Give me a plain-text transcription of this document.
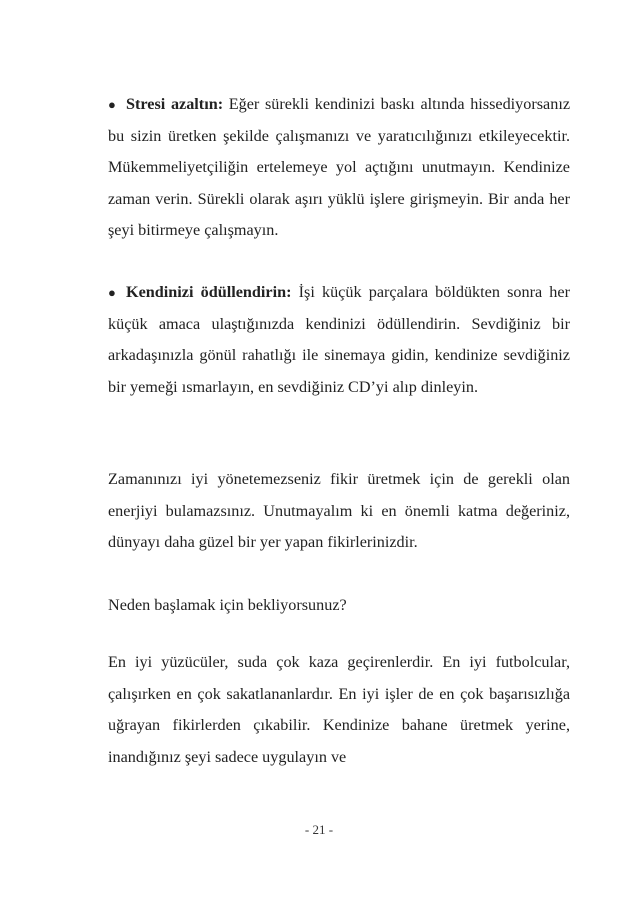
● Stresi azaltın: Eğer sürekli kendinizi baskı altında hissediyorsanız bu sizin üretken şekilde çalışmanızı ve yaratıcılığınızı etkileyecektir. Mükemmeliyetçiliğin ertelemeye yol açtığını unutmayın. Kendinize zaman verin. Sürekli olarak aşırı yüklü işlere girişmeyin. Bir anda her şeyi bitirmeye çalışmayın.

● Kendinizi ödüllendirin: İşi küçük parçalara böldükten sonra her küçük amaca ulaştığınızda kendinizi ödüllendirin. Sevdiğiniz bir arkadaşınızla gönül rahatlığı ile sinemaya gidin, kendinize sevdiğiniz bir yemeği ısmarlayın, en sevdiğiniz CD’yi alıp dinleyin.

Zamanınızı iyi yönetemezseniz fikir üretmek için de gerekli olan enerjiyi bulamazsınız. Unutmayalım ki en önemli katma değeriniz, dünyayı daha güzel bir yer yapan fikirlerinizdir.

Neden başlamak için bekliyorsunuz?

En iyi yüzücüler, suda çok kaza geçirenlerdir. En iyi futbolcular, çalışırken en çok sakatlananlardır. En iyi işler de en çok başarısızlığa uğrayan fikirlerden çıkabilir. Kendinize bahane üretmek yerine, inandığınız şeyi sadece uygulayın ve

- 21 -
